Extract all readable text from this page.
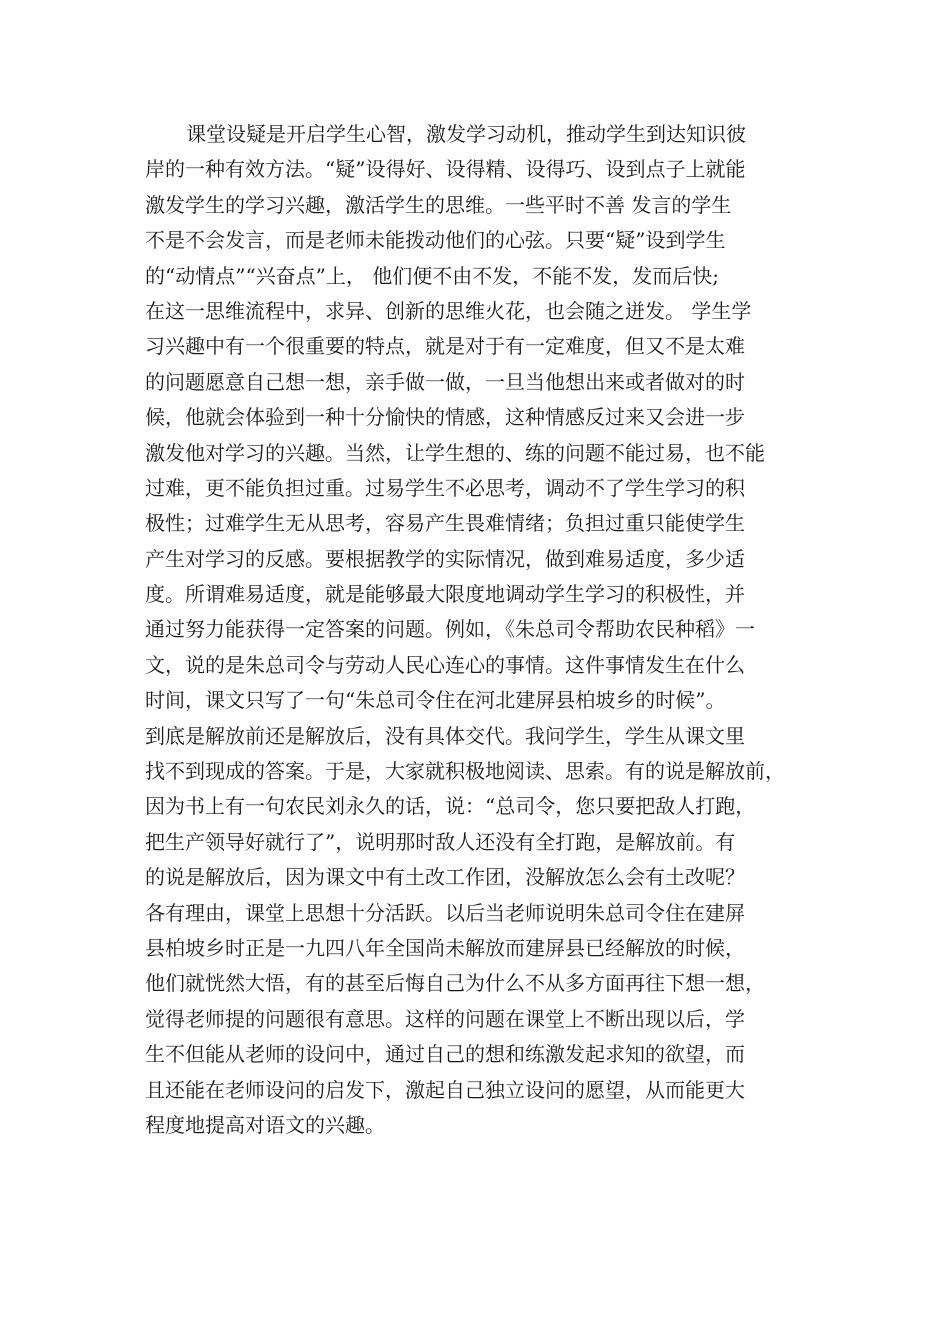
课堂设疑是开启学生心智，激发学习动机，推动学生到达知识彼
岸的一种有效方法。“疑”设得好、设得精、设得巧、设到点子上就能
激发学生的学习兴趣，激活学生的思维。一些平时不善 发言的学生
不是不会发言，而是老师未能拨动他们的心弦。只要“疑”设到学生
的“动情点”“兴奋点”上， 他们便不由不发，不能不发，发而后快;
在这一思维流程中，求异、创新的思维火花，也会随之迸发。 学生学
习兴趣中有一个很重要的特点，就是对于有一定难度，但又不是太难
的问题愿意自己想一想，亲手做一做，一旦当他想出来或者做对的时
候，他就会体验到一种十分愉快的情感，这种情感反过来又会进一步
激发他对学习的兴趣。当然，让学生想的、练的问题不能过易，也不能
过难，更不能负担过重。过易学生不必思考，调动不了学生学习的积
极性；过难学生无从思考，容易产生畏难情绪；负担过重只能使学生
产生对学习的反感。要根据教学的实际情况，做到难易适度，多少适
度。所谓难易适度，就是能够最大限度地调动学生学习的积极性，并
通过努力能获得一定答案的问题。例如，《朱总司令帮助农民种稻》一
文，说的是朱总司令与劳动人民心连心的事情。这件事情发生在什么
时间，课文只写了一句“朱总司令住在河北建屏县柏坡乡的时候”。
到底是解放前还是解放后，没有具体交代。我问学生，学生从课文里
找不到现成的答案。于是，大家就积极地阅读、思索。有的说是解放前，
因为书上有一句农民刘永久的话，说：“总司令，您只要把敌人打跑，
把生产领导好就行了”，说明那时敌人还没有全打跑，是解放前。有
的说是解放后，因为课文中有土改工作团，没解放怎么会有土改呢？
各有理由，课堂上思想十分活跃。以后当老师说明朱总司令住在建屏
县柏坡乡时正是一九四八年全国尚未解放而建屏县已经解放的时候，
他们就恍然大悟，有的甚至后悔自己为什么不从多方面再往下想一想，
觉得老师提的问题很有意思。这样的问题在课堂上不断出现以后，学
生不但能从老师的设问中，通过自己的想和练激发起求知的欲望，而
且还能在老师设问的启发下，激起自己独立设问的愿望，从而能更大
程度地提高对语文的兴趣。
